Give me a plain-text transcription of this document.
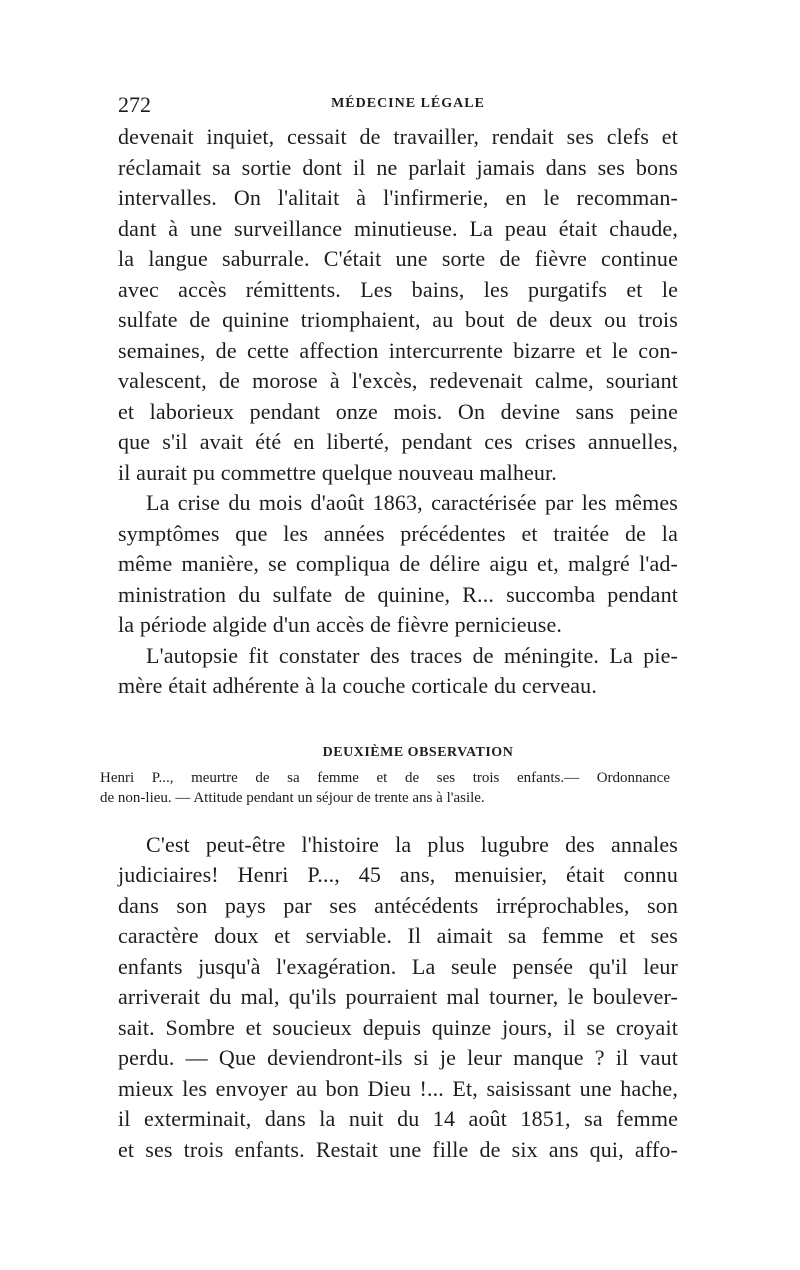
272	MÉDECINE LÉGALE
devenait inquiet, cessait de travailler, rendait ses clefs et
réclamait sa sortie dont il ne parlait jamais dans ses bons
intervalles. On l'alitait à l'infirmerie, en le recomman-
dant à une surveillance minutieuse. La peau était chaude,
la langue saburrale. C'était une sorte de fièvre continue
avec accès rémittents. Les bains, les purgatifs et le
sulfate de quinine triomphaient, au bout de deux ou trois
semaines, de cette affection intercurrente bizarre et le con-
valescent, de morose à l'excès, redevenait calme, souriant
et laborieux pendant onze mois. On devine sans peine
que s'il avait été en liberté, pendant ces crises annuelles,
il aurait pu commettre quelque nouveau malheur.
La crise du mois d'août 1863, caractérisée par les mêmes
symptômes que les années précédentes et traitée de la
même manière, se compliqua de délire aigu et, malgré l'ad-
ministration du sulfate de quinine, R... succomba pendant
la période algide d'un accès de fièvre pernicieuse.
L'autopsie fit constater des traces de méningite. La pie-
mère était adhérente à la couche corticale du cerveau.
DEUXIÈME OBSERVATION
Henri P..., meurtre de sa femme et de ses trois enfants.— Ordonnance
de non-lieu. — Attitude pendant un séjour de trente ans à l'asile.
C'est peut-être l'histoire la plus lugubre des annales
judiciaires! Henri P..., 45 ans, menuisier, était connu
dans son pays par ses antécédents irréprochables, son
caractère doux et serviable. Il aimait sa femme et ses
enfants jusqu'à l'exagération. La seule pensée qu'il leur
arriverait du mal, qu'ils pourraient mal tourner, le boulever-
sait. Sombre et soucieux depuis quinze jours, il se croyait
perdu. — Que deviendront-ils si je leur manque ? il vaut
mieux les envoyer au bon Dieu !... Et, saisissant une hache,
il exterminait, dans la nuit du 14 août 1851, sa femme
et ses trois enfants. Restait une fille de six ans qui, affo-
